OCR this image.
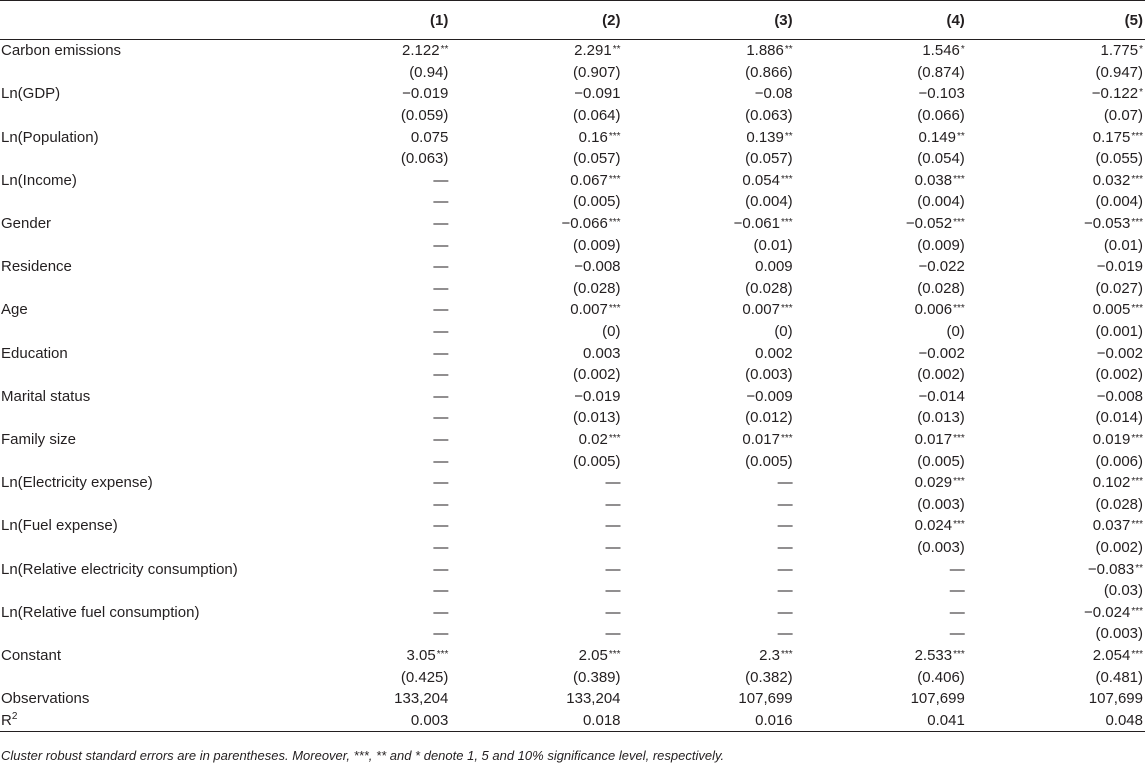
	(1)	(2)	(3)	(4)	(5)
Carbon emissions	2.122**	2.291**	1.886**	1.546*	1.775*
	(0.94)	(0.907)	(0.866)	(0.874)	(0.947)
Ln(GDP)	−0.019	−0.091	−0.08	−0.103	−0.122*
	(0.059)	(0.064)	(0.063)	(0.066)	(0.07)
Ln(Population)	0.075	0.16***	0.139**	0.149**	0.175***
	(0.063)	(0.057)	(0.057)	(0.054)	(0.055)
Ln(Income)	—	0.067***	0.054***	0.038***	0.032***
	—	(0.005)	(0.004)	(0.004)	(0.004)
Gender	—	−0.066***	−0.061***	−0.052***	−0.053***
	—	(0.009)	(0.01)	(0.009)	(0.01)
Residence	—	−0.008	0.009	−0.022	−0.019
	—	(0.028)	(0.028)	(0.028)	(0.027)
Age	—	0.007***	0.007***	0.006***	0.005***
	—	(0)	(0)	(0)	(0.001)
Education	—	0.003	0.002	−0.002	−0.002
	—	(0.002)	(0.003)	(0.002)	(0.002)
Marital status	—	−0.019	−0.009	−0.014	−0.008
	—	(0.013)	(0.012)	(0.013)	(0.014)
Family size	—	0.02***	0.017***	0.017***	0.019***
	—	(0.005)	(0.005)	(0.005)	(0.006)
Ln(Electricity expense)	—	—	—	0.029***	0.102***
	—	—	—	(0.003)	(0.028)
Ln(Fuel expense)	—	—	—	0.024***	0.037***
	—	—	—	(0.003)	(0.002)
Ln(Relative electricity consumption)	—	—	—	—	−0.083**
	—	—	—	—	(0.03)
Ln(Relative fuel consumption)	—	—	—	—	−0.024***
	—	—	—	—	(0.003)
Constant	3.05***	2.05***	2.3***	2.533***	2.054***
	(0.425)	(0.389)	(0.382)	(0.406)	(0.481)
Observations	133,204	133,204	107,699	107,699	107,699
$R^2$	0.003	0.018	0.016	0.041	0.048
Cluster robust standard errors are in parentheses. Moreover, ***, ** and * denote 1, 5 and 10% significance level, respectively.
